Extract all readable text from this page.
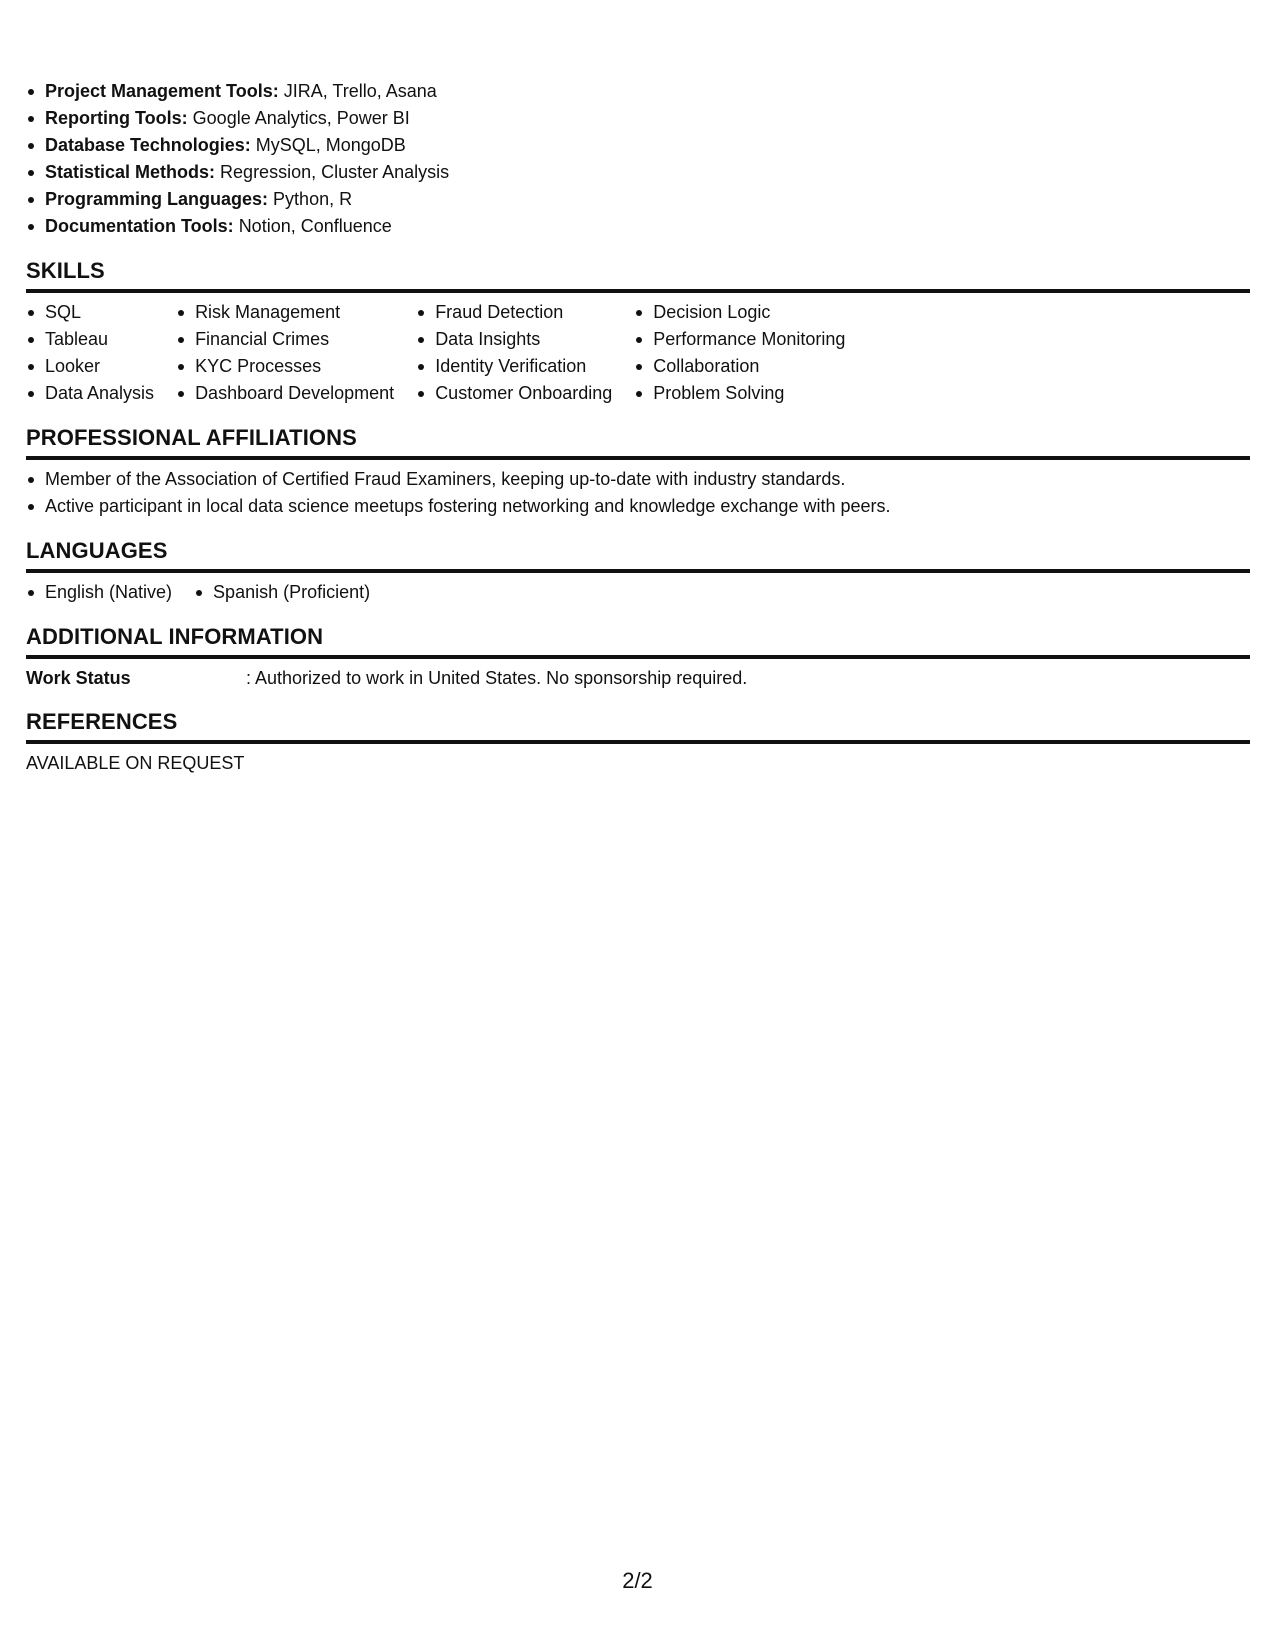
Project Management Tools: JIRA, Trello, Asana
Reporting Tools: Google Analytics, Power BI
Database Technologies: MySQL, MongoDB
Statistical Methods: Regression, Cluster Analysis
Programming Languages: Python, R
Documentation Tools: Notion, Confluence
SKILLS
SQL
Tableau
Looker
Data Analysis
Risk Management
Financial Crimes
KYC Processes
Dashboard Development
Fraud Detection
Data Insights
Identity Verification
Customer Onboarding
Decision Logic
Performance Monitoring
Collaboration
Problem Solving
PROFESSIONAL AFFILIATIONS
Member of the Association of Certified Fraud Examiners, keeping up-to-date with industry standards.
Active participant in local data science meetups fostering networking and knowledge exchange with peers.
LANGUAGES
English (Native)	Spanish (Proficient)
ADDITIONAL INFORMATION
Work Status	: Authorized to work in United States. No sponsorship required.
REFERENCES
AVAILABLE ON REQUEST
2/2
